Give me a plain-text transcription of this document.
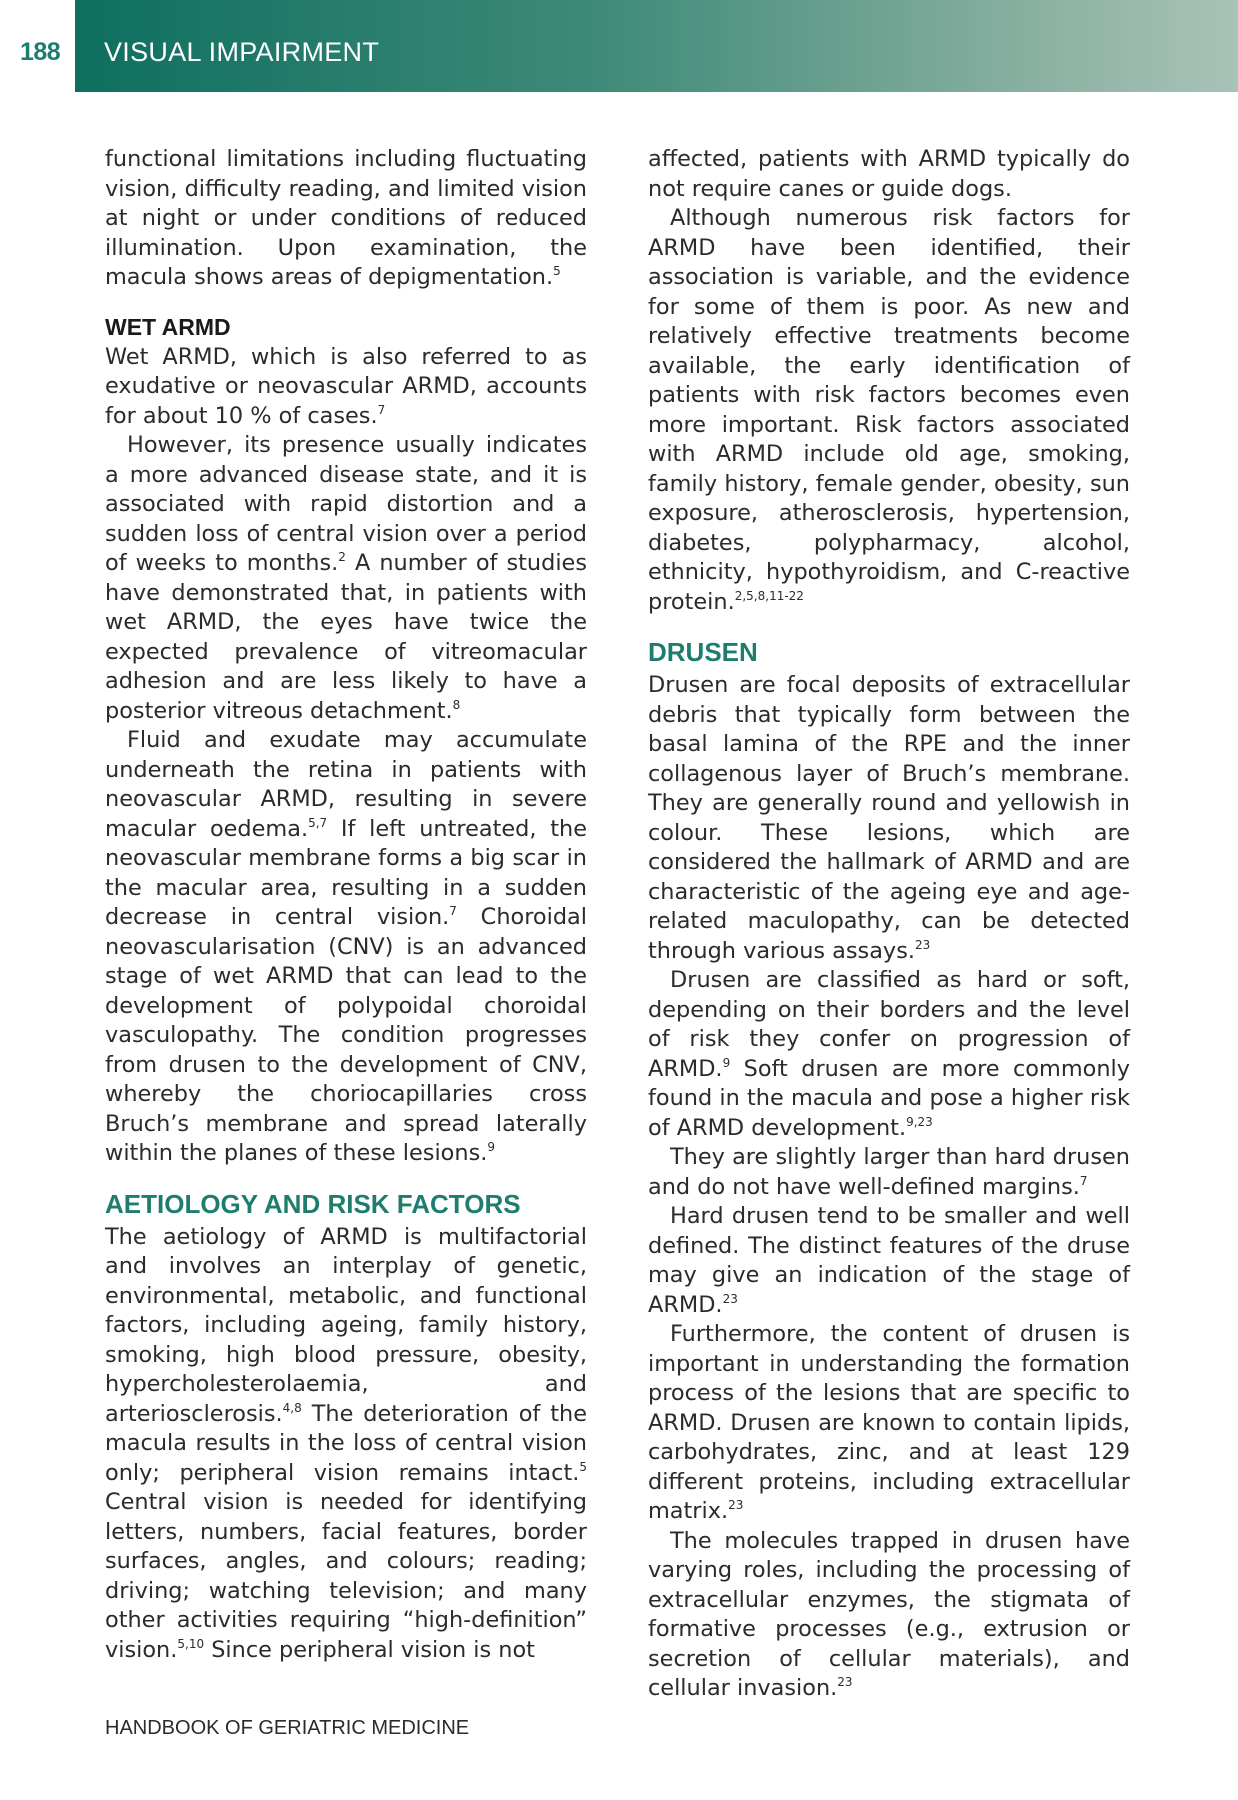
188 VISUAL IMPAIRMENT

functional limitations including fluctuating vision, difficulty reading, and limited vision at night or under conditions of reduced illumination. Upon examination, the macula shows areas of depigmentation.$^5$

WET ARMD

Wet ARMD, which is also referred to as exudative or neovascular ARMD, accounts for about 10 % of cases.$^7$

However, its presence usually indicates a more advanced disease state, and it is associated with rapid distortion and a sudden loss of central vision over a period of weeks to months.$^2$ A number of studies have demonstrated that, in patients with wet ARMD, the eyes have twice the expected prevalence of vitreomacular adhesion and are less likely to have a posterior vitreous detachment.$^8$

Fluid and exudate may accumulate underneath the retina in patients with neovascular ARMD, resulting in severe macular oedema.$^{5,7}$ If left untreated, the neovascular membrane forms a big scar in the macular area, resulting in a sudden decrease in central vision.$^7$ Choroidal neovascularisation (CNV) is an advanced stage of wet ARMD that can lead to the development of polypoidal choroidal vasculopathy. The condition progresses from drusen to the development of CNV, whereby the choriocapillaries cross Bruch’s membrane and spread laterally within the planes of these lesions.$^9$

AETIOLOGY AND RISK FACTORS

The aetiology of ARMD is multifactorial and involves an interplay of genetic, environmental, metabolic, and functional factors, including ageing, family history, smoking, high blood pressure, obesity, hypercholesterolaemia, and arteriosclerosis.$^{4,8}$ The deterioration of the macula results in the loss of central vision only; peripheral vision remains intact.$^5$ Central vision is needed for identifying letters, numbers, facial features, border surfaces, angles, and colours; reading; driving; watching television; and many other activities requiring “high-definition” vision.$^{5,10}$ Since peripheral vision is not

affected, patients with ARMD typically do not require canes or guide dogs.

Although numerous risk factors for ARMD have been identified, their association is variable, and the evidence for some of them is poor. As new and relatively effective treatments become available, the early identification of patients with risk factors becomes even more important. Risk factors associated with ARMD include old age, smoking, family history, female gender, obesity, sun exposure, atherosclerosis, hypertension, diabetes, polypharmacy, alcohol, ethnicity, hypothyroidism, and C-reactive protein.$^{2,5,8,11-22}$

DRUSEN

Drusen are focal deposits of extracellular debris that typically form between the basal lamina of the RPE and the inner collagenous layer of Bruch’s membrane. They are generally round and yellowish in colour. These lesions, which are considered the hallmark of ARMD and are characteristic of the ageing eye and age-related maculopathy, can be detected through various assays.$^{23}$

Drusen are classified as hard or soft, depending on their borders and the level of risk they confer on progression of ARMD.$^9$ Soft drusen are more commonly found in the macula and pose a higher risk of ARMD development.$^{9,23}$

They are slightly larger than hard drusen and do not have well-defined margins.$^7$

Hard drusen tend to be smaller and well defined. The distinct features of the druse may give an indication of the stage of ARMD.$^{23}$

Furthermore, the content of drusen is important in understanding the formation process of the lesions that are specific to ARMD. Drusen are known to contain lipids, carbohydrates, zinc, and at least 129 different proteins, including extracellular matrix.$^{23}$

The molecules trapped in drusen have varying roles, including the processing of extracellular enzymes, the stigmata of formative processes (e.g., extrusion or secretion of cellular materials), and cellular invasion.$^{23}$

HANDBOOK OF GERIATRIC MEDICINE
